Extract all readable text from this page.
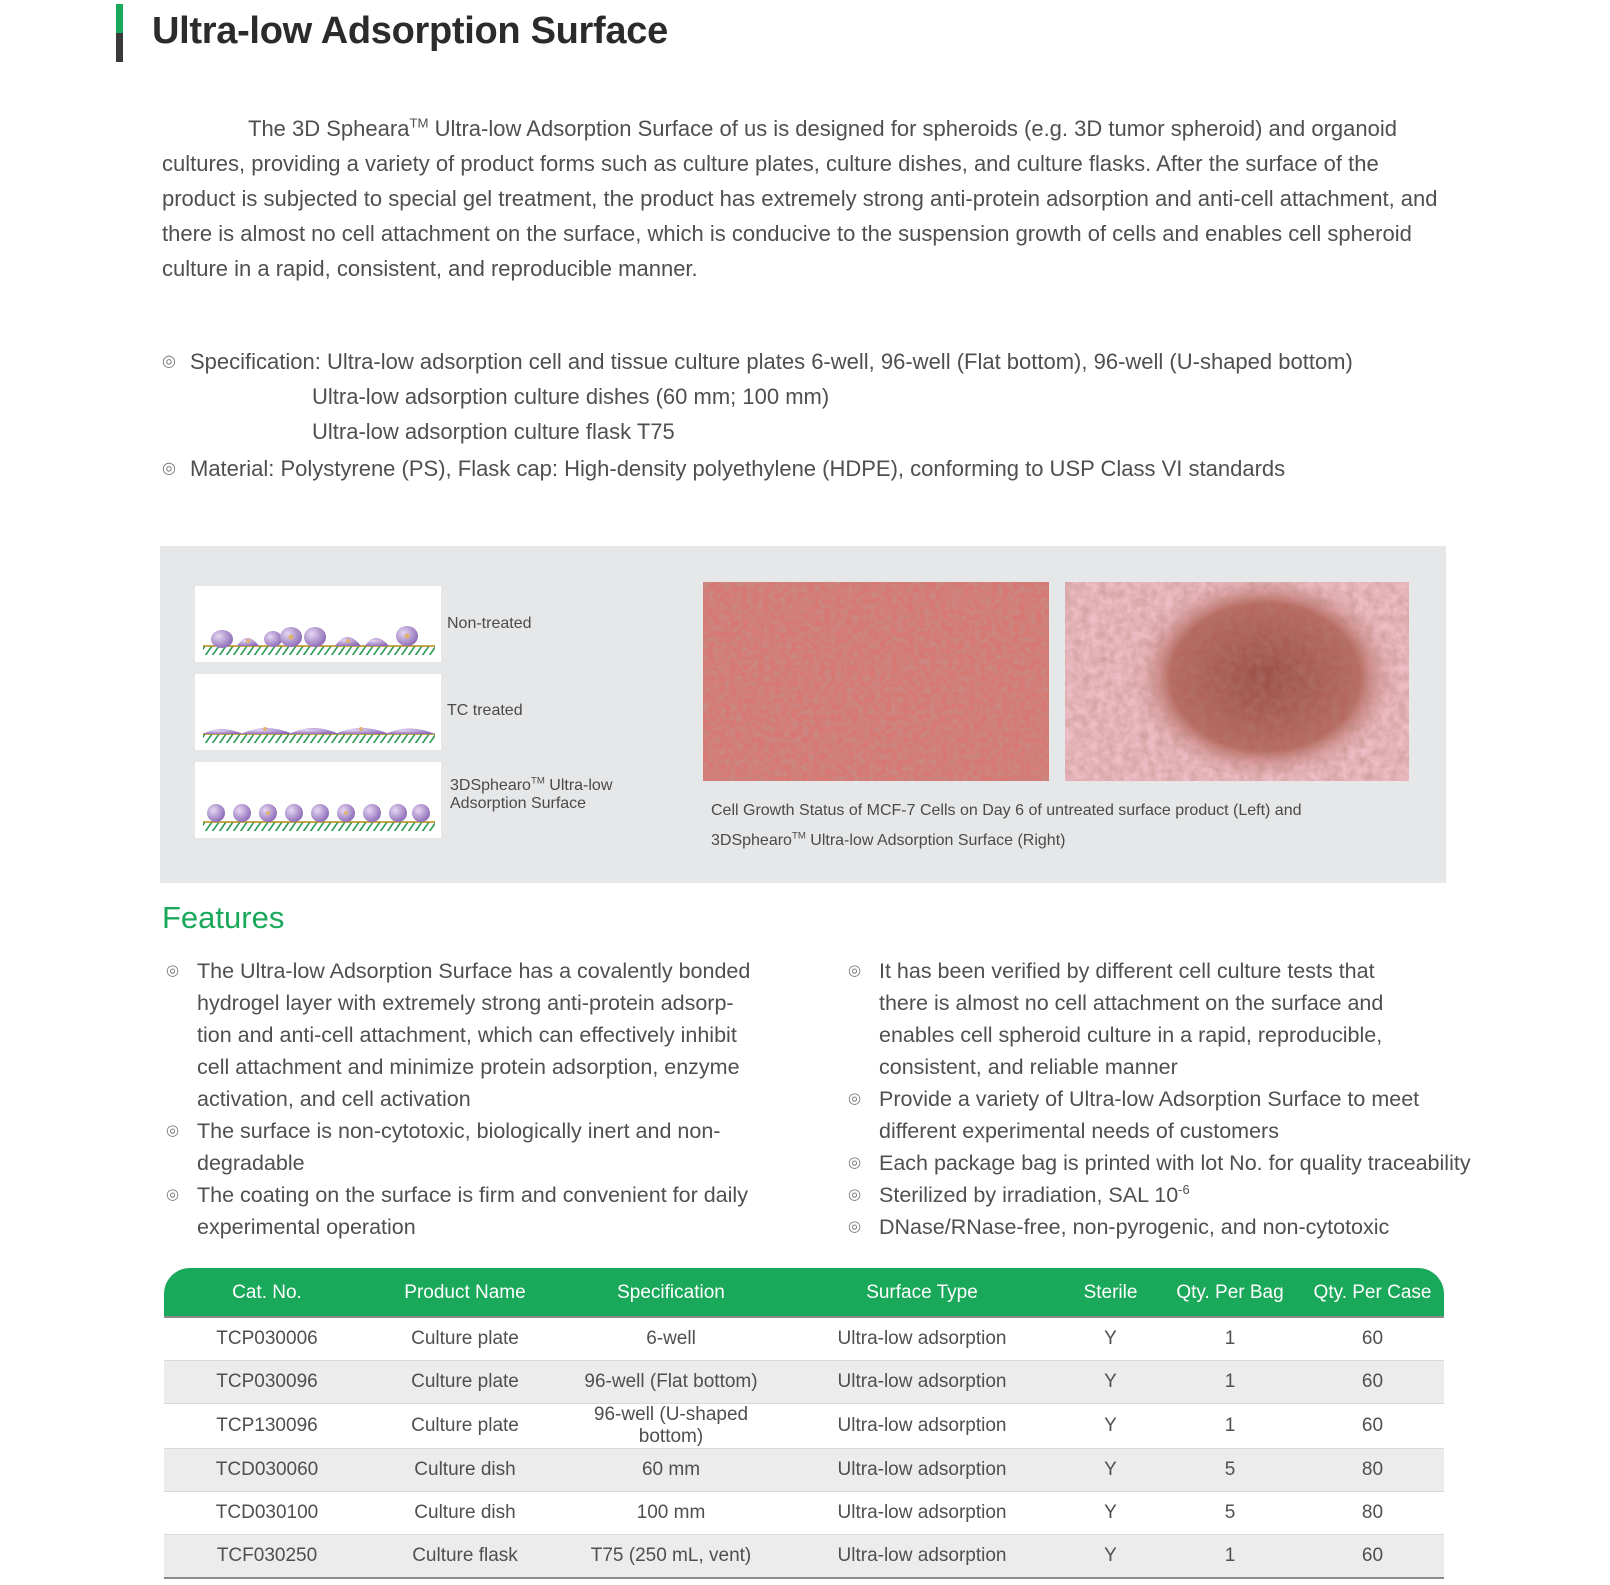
Ultra-low Adsorption Surface

The 3D Spheara™ Ultra-low Adsorption Surface of us is designed for spheroids (e.g. 3D tumor spheroid) and organoid cultures, providing a variety of product forms such as culture plates, culture dishes, and culture flasks. After the surface of the product is subjected to special gel treatment, the product has extremely strong anti-protein adsorption and anti-cell attachment, and there is almost no cell attachment on the surface, which is conducive to the suspension growth of cells and enables cell spheroid culture in a rapid, consistent, and reproducible manner.

◎ Specification: Ultra-low adsorption cell and tissue culture plates 6-well, 96-well (Flat bottom), 96-well (U-shaped bottom)
Ultra-low adsorption culture dishes (60 mm; 100 mm)
Ultra-low adsorption culture flask T75
◎ Material: Polystyrene (PS), Flask cap: High-density polyethylene (HDPE), conforming to USP Class VI standards
Non-treated
TC treated
3DSphearo™ Ultra-low
Adsorption Surface	Cell Growth Status of MCF-7 Cells on Day 6 of untreated surface product (Left) and
3DSphearo™ Ultra-low Adsorption Surface (Right)

Features
◎ The Ultra-low Adsorption Surface has a covalently bonded hydrogel layer with extremely strong anti-protein adsorp-tion and anti-cell attachment, which can effectively inhibit cell attachment and minimize protein adsorption, enzyme activation, and cell activation
◎ The surface is non-cytotoxic, biologically inert and non-degradable
◎ The coating on the surface is firm and convenient for daily experimental operation
◎ It has been verified by different cell culture tests that there is almost no cell attachment on the surface and enables cell spheroid culture in a rapid, reproducible, consistent, and reliable manner
◎ Provide a variety of Ultra-low Adsorption Surface to meet different experimental needs of customers
◎ Each package bag is printed with lot No. for quality traceability
◎ Sterilized by irradiation, SAL $10^{-6}$
◎ DNase/RNase-free, non-pyrogenic, and non-cytotoxic
Cat. No.	Product Name	Specification	Surface Type	Sterile	Qty. Per Bag	Qty. Per Case
TCP030006	Culture plate	6-well	Ultra-low adsorption	Y	1	60
TCP030096	Culture plate	96-well (Flat bottom)	Ultra-low adsorption	Y	1	60
TCP130096	Culture plate	96-well (U-shaped bottom)	Ultra-low adsorption	Y	1	60
TCD030060	Culture dish	60 mm	Ultra-low adsorption	Y	5	80
TCD030100	Culture dish	100 mm	Ultra-low adsorption	Y	5	80
TCF030250	Culture flask	T75 (250 mL, vent)	Ultra-low adsorption	Y	1	60
